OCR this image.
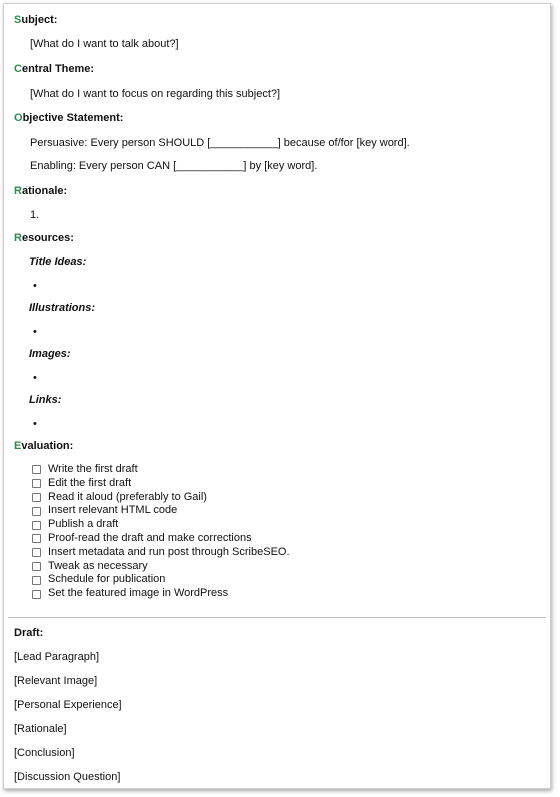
Subject:
[What do I want to talk about?]
Central Theme:
[What do I want to focus on regarding this subject?]
Objective Statement:
Persuasive: Every person SHOULD [___________] because of/for [key word].
Enabling: Every person CAN [___________] by [key word].
Rationale:
1.
Resources:
Title Ideas:
•
Illustrations:
•
Images:
•
Links:
•
Evaluation:
Write the first draft
Edit the first draft
Read it aloud (preferably to Gail)
Insert relevant HTML code
Publish a draft
Proof-read the draft and make corrections
Insert metadata and run post through ScribeSEO.
Tweak as necessary
Schedule for publication
Set the featured image in WordPress
Draft:
[Lead Paragraph]
[Relevant Image]
[Personal Experience]
[Rationale]
[Conclusion]
[Discussion Question]
